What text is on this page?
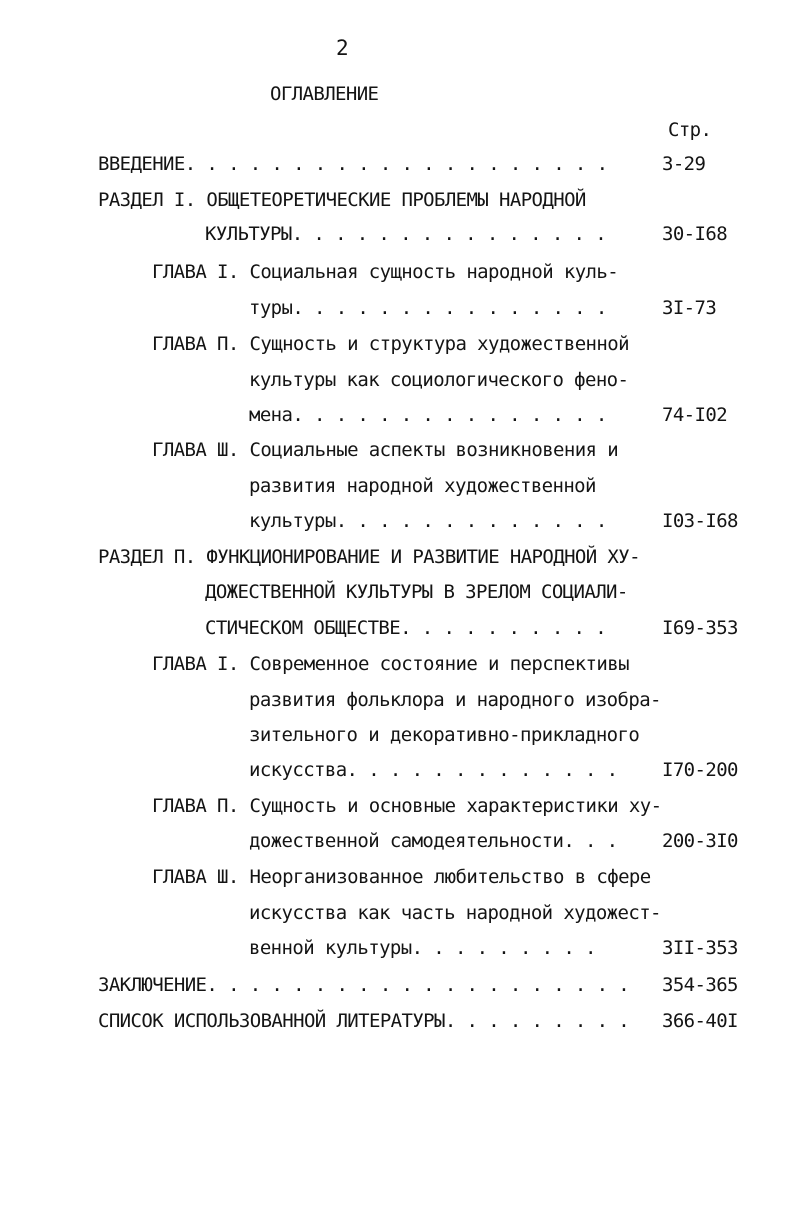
2
ОГЛАВЛЕНИЕ
Стр.
ВВЕДЕНИЕ. . . . . . . . . . . . . . . . . . . .	3-29
РАЗДЕЛ I. ОБЩЕТЕОРЕТИЧЕСКИЕ ПРОБЛЕМЫ НАРОДНОЙ
КУЛЬТУРЫ. . . . . . . . . . . . . . .	30-I68
ГЛАВА I. Социальная сущность народной куль-
туры. . . . . . . . . . . . . . .	3I-73
ГЛАВА П. Сущность и структура художественной
культуры как социологического фено-
мена. . . . . . . . . . . . . . .	74-I02
ГЛАВА Ш. Социальные аспекты возникновения и
развития народной художественной
культуры. . . . . . . . . . . . .	I03-I68
РАЗДЕЛ П. ФУНКЦИОНИРОВАНИЕ И РАЗВИТИЕ НАРОДНОЙ ХУ-
ДОЖЕСТВЕННОЙ КУЛЬТУРЫ В ЗРЕЛОМ СОЦИАЛИ-
СТИЧЕСКОМ ОБЩЕСТВЕ. . . . . . . . . .	I69-353
ГЛАВА I. Современное состояние и перспективы
развития фольклора и народного изобра-
зительного и декоративно-прикладного
искусства. . . . . . . . . . . . . I70-200
ГЛАВА П. Сущность и основные характеристики ху-
дожественной самодеятельности. . . 200-3I0
ГЛАВА Ш. Неорганизованное любительство в сфере
искусства как часть народной художест-
венной культуры. . . . . . . . .	3II-353
ЗАКЛЮЧЕНИЕ. . . . . . . . . . . . . . . . . . . . 354-365
СПИСОК ИСПОЛЬЗОВАННОЙ ЛИТЕРАТУРЫ. . . . . . . . . 366-40I
